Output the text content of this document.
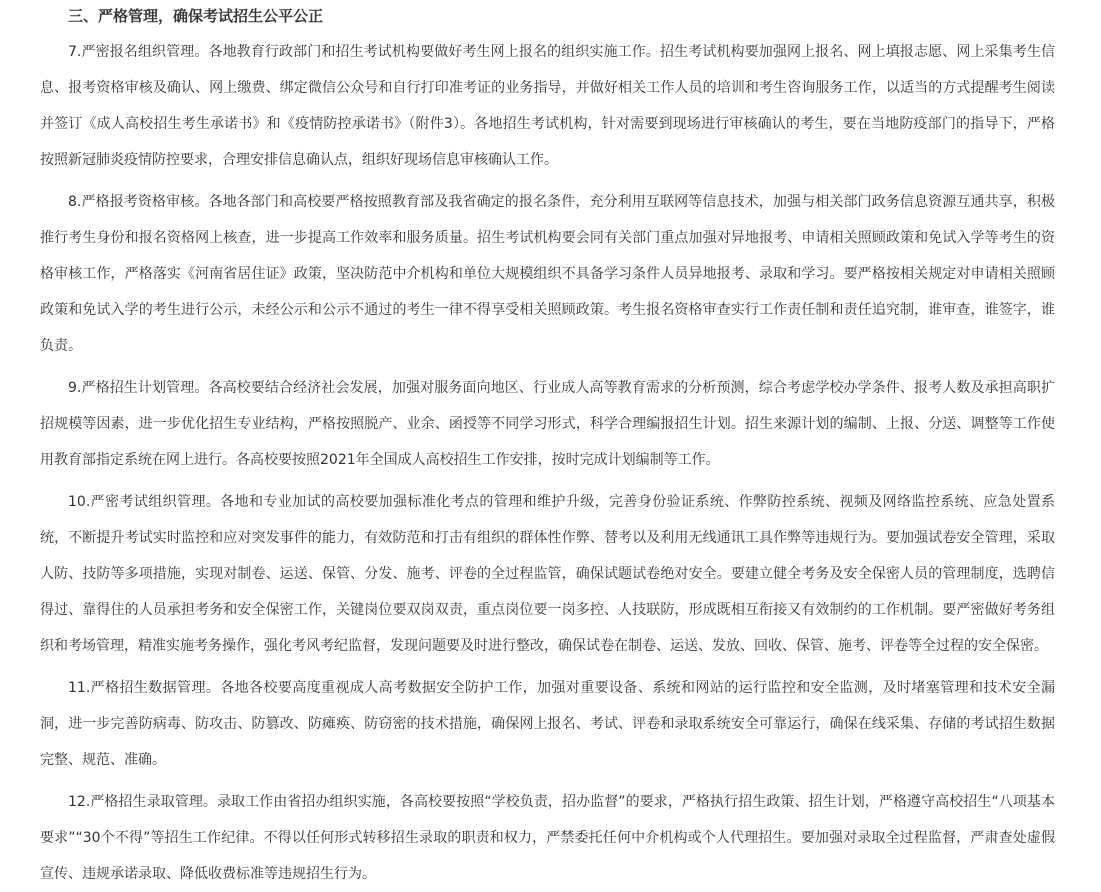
三、严格管理，确保考试招生公平公正

7.严密报名组织管理。各地教育行政部门和招生考试机构要做好考生网上报名的组织实施工作。招生考试机构要加强网上报名、网上填报志愿、网上采集考生信息、报考资格审核及确认、网上缴费、绑定微信公众号和自行打印准考证的业务指导，并做好相关工作人员的培训和考生咨询服务工作，以适当的方式提醒考生阅读并签订《成人高校招生考生承诺书》和《疫情防控承诺书》（附件3）。各地招生考试机构，针对需要到现场进行审核确认的考生，要在当地防疫部门的指导下，严格按照新冠肺炎疫情防控要求，合理安排信息确认点，组织好现场信息审核确认工作。

8.严格报考资格审核。各地各部门和高校要严格按照教育部及我省确定的报名条件，充分利用互联网等信息技术，加强与相关部门政务信息资源互通共享，积极推行考生身份和报名资格网上核查，进一步提高工作效率和服务质量。招生考试机构要会同有关部门重点加强对异地报考、申请相关照顾政策和免试入学等考生的资格审核工作，严格落实《河南省居住证》政策，坚决防范中介机构和单位大规模组织不具备学习条件人员异地报考、录取和学习。要严格按相关规定对申请相关照顾政策和免试入学的考生进行公示，未经公示和公示不通过的考生一律不得享受相关照顾政策。考生报名资格审查实行工作责任制和责任追究制，谁审查，谁签字，谁负责。

9.严格招生计划管理。各高校要结合经济社会发展，加强对服务面向地区、行业成人高等教育需求的分析预测，综合考虑学校办学条件、报考人数及承担高职扩招规模等因素，进一步优化招生专业结构，严格按照脱产、业余、函授等不同学习形式，科学合理编报招生计划。招生来源计划的编制、上报、分送、调整等工作使用教育部指定系统在网上进行。各高校要按照2021年全国成人高校招生工作安排，按时完成计划编制等工作。

10.严密考试组织管理。各地和专业加试的高校要加强标准化考点的管理和维护升级，完善身份验证系统、作弊防控系统、视频及网络监控系统、应急处置系统，不断提升考试实时监控和应对突发事件的能力，有效防范和打击有组织的群体性作弊、替考以及利用无线通讯工具作弊等违规行为。要加强试卷安全管理，采取人防、技防等多项措施，实现对制卷、运送、保管、分发、施考、评卷的全过程监管，确保试题试卷绝对安全。要建立健全考务及安全保密人员的管理制度，选聘信得过、靠得住的人员承担考务和安全保密工作，关键岗位要双岗双责，重点岗位要一岗多控、人技联防，形成既相互衔接又有效制约的工作机制。要严密做好考务组织和考场管理，精准实施考务操作，强化考风考纪监督，发现问题要及时进行整改，确保试卷在制卷、运送、发放、回收、保管、施考、评卷等全过程的安全保密。

11.严格招生数据管理。各地各校要高度重视成人高考数据安全防护工作，加强对重要设备、系统和网站的运行监控和安全监测，及时堵塞管理和技术安全漏洞，进一步完善防病毒、防攻击、防篡改、防瘫痪、防窃密的技术措施，确保网上报名、考试、评卷和录取系统安全可靠运行，确保在线采集、存储的考试招生数据完整、规范、准确。

12.严格招生录取管理。录取工作由省招办组织实施，各高校要按照“学校负责，招办监督”的要求，严格执行招生政策、招生计划，严格遵守高校招生“八项基本要求”“30个不得”等招生工作纪律。不得以任何形式转移招生录取的职责和权力，严禁委托任何中介机构或个人代理招生。要加强对录取全过程监督，严肃查处虚假宣传、违规承诺录取、降低收费标准等违规招生行为。
